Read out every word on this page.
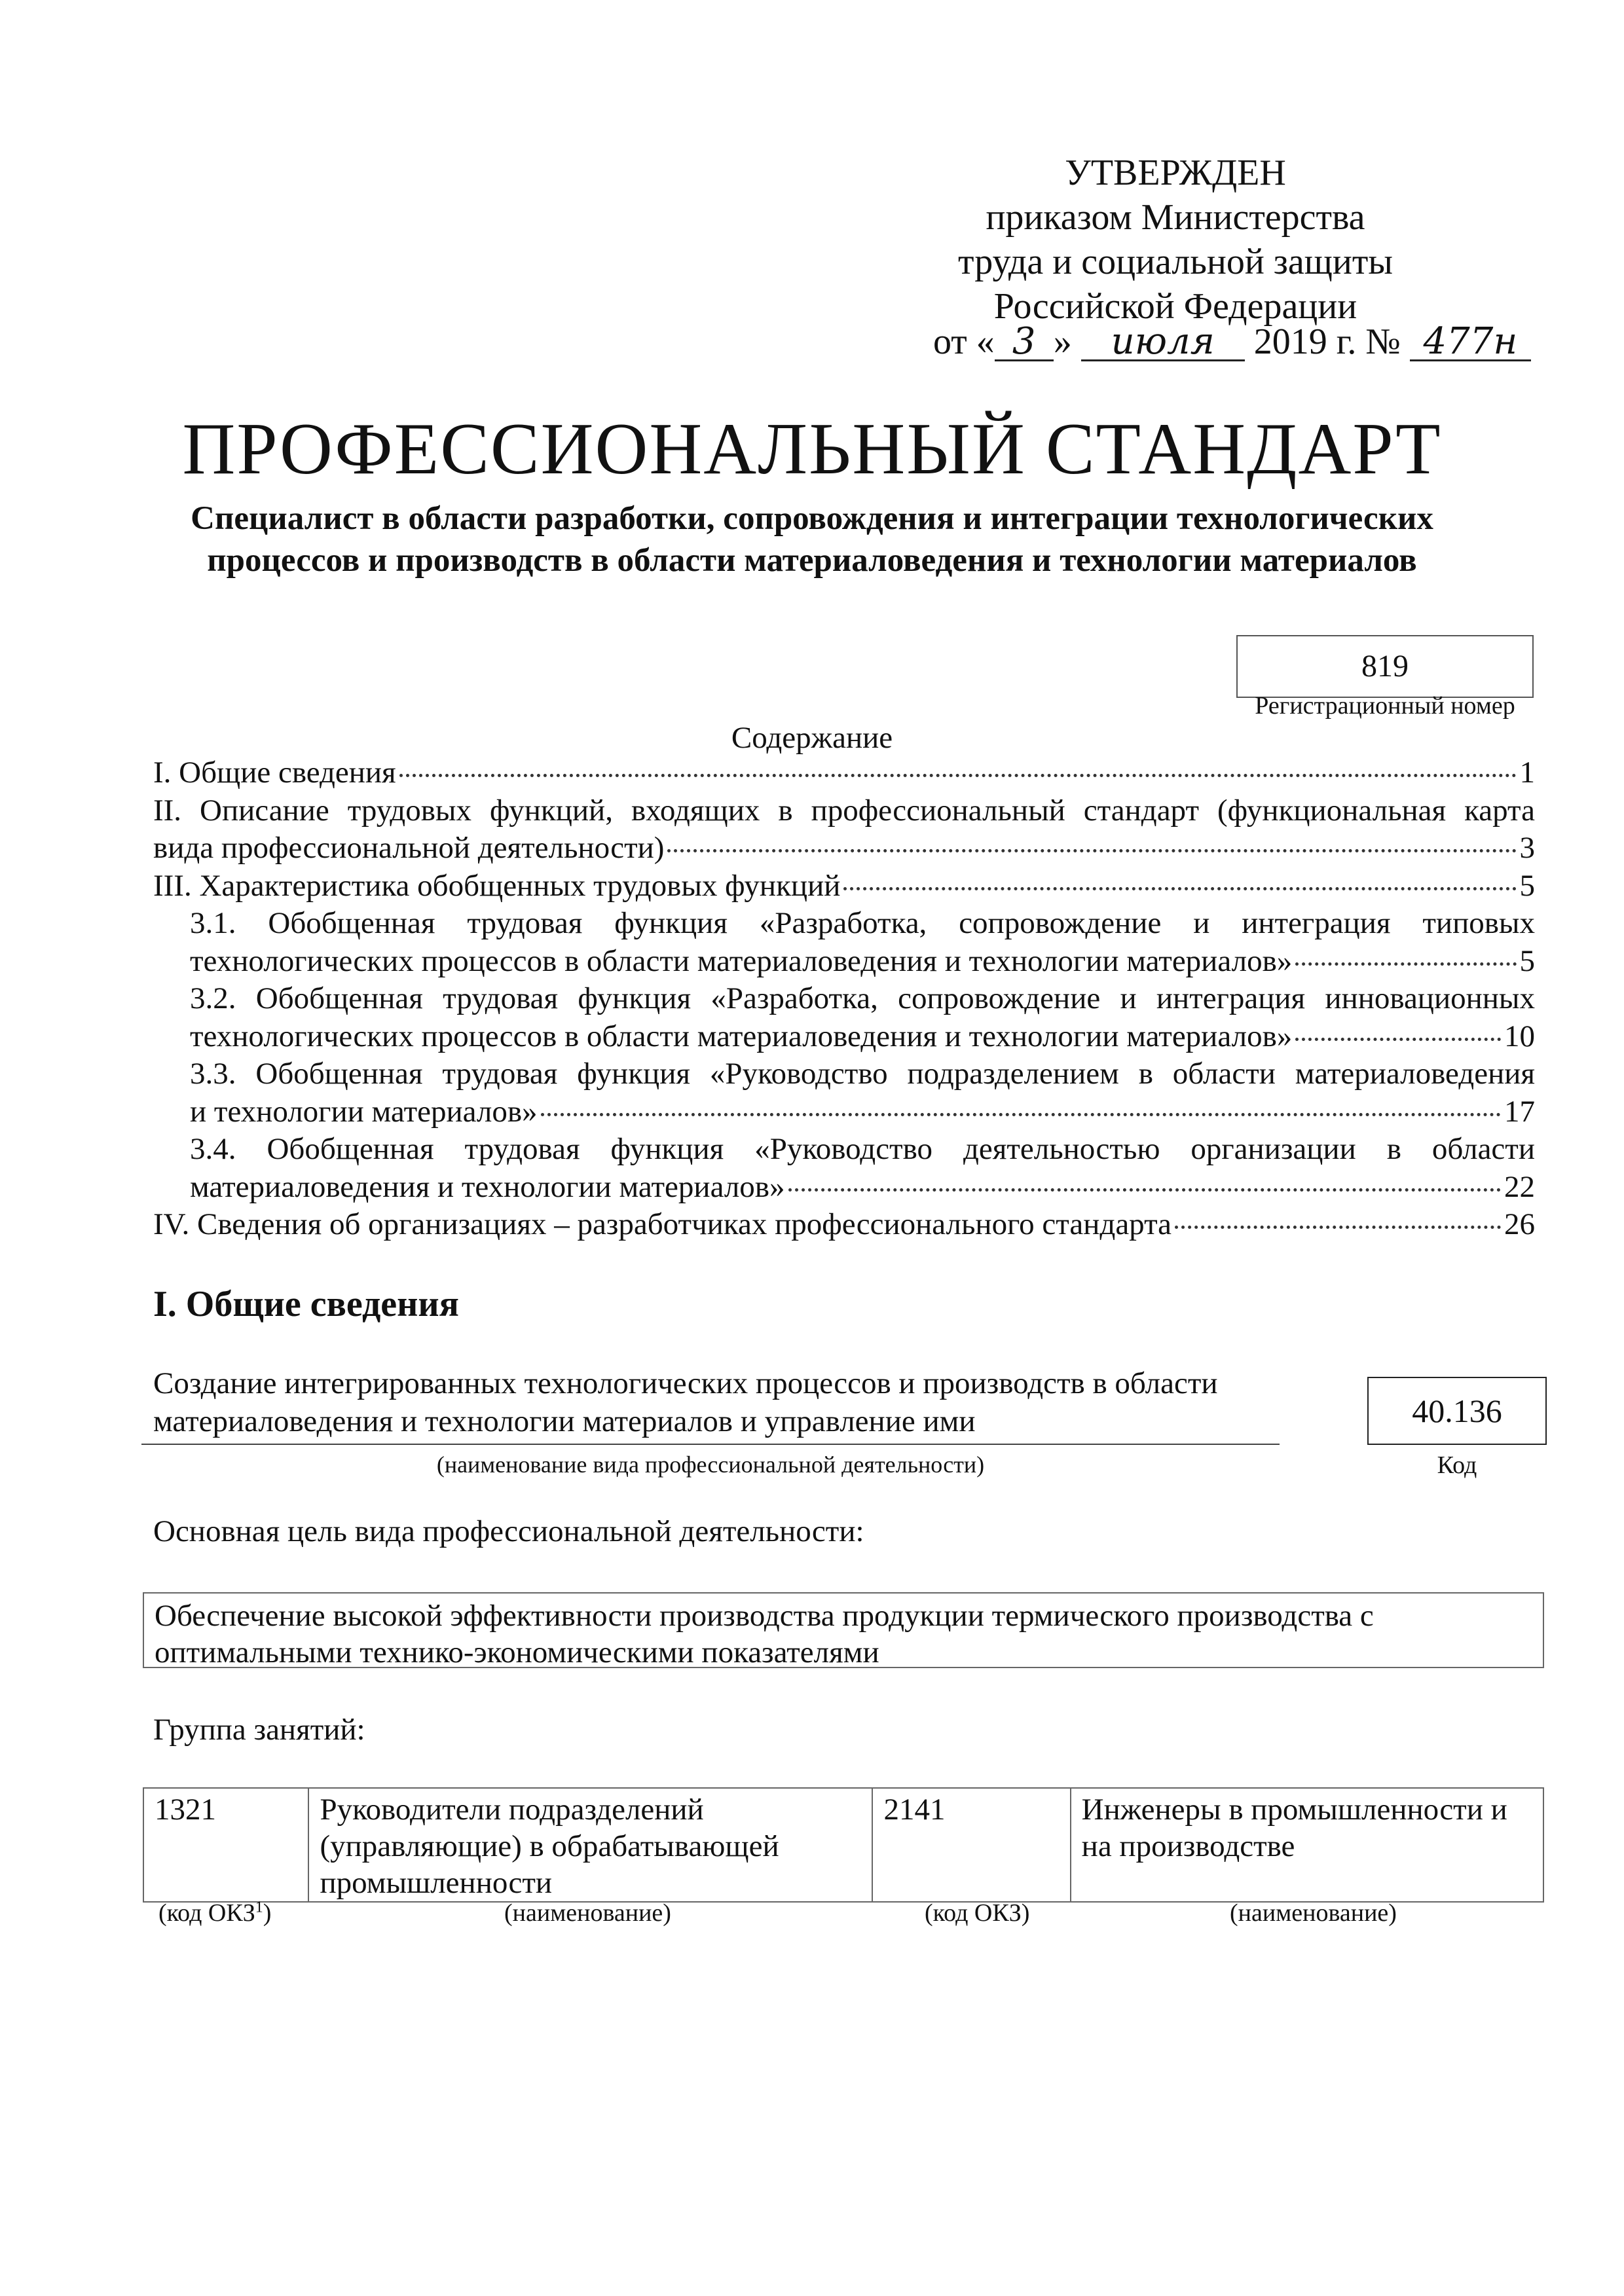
УТВЕРЖДЕН
приказом Министерства
труда и социальной защиты
Российской Федерации
от « 3 » июля 2019 г. № 477н
ПРОФЕССИОНАЛЬНЫЙ СТАНДАРТ
Специалист в области разработки, сопровождения и интеграции технологических процессов и производств в области материаловедения и технологии материалов
819
Регистрационный номер
Содержание
I. Общие сведения	1
II. Описание трудовых функций, входящих в профессиональный стандарт (функциональная карта
вида профессиональной деятельности)	3
III. Характеристика обобщенных трудовых функций	5
3.1. Обобщенная трудовая функция «Разработка, сопровождение и интеграция типовых
технологических процессов в области материаловедения и технологии материалов»	5
3.2. Обобщенная трудовая функция «Разработка, сопровождение и интеграция инновационных
технологических процессов в области материаловедения и технологии материалов»	10
3.3. Обобщенная трудовая функция «Руководство подразделением в области материаловедения
и технологии материалов»	17
3.4. Обобщенная трудовая функция «Руководство деятельностью организации в области
материаловедения и технологии материалов»	22
IV. Сведения об организациях – разработчиках профессионального стандарта	26
I. Общие сведения
Создание интегрированных технологических процессов и производств в области материаловедения и технологии материалов и управление ими
(наименование вида профессиональной деятельности)
40.136
Код
Основная цель вида профессиональной деятельности:
Обеспечение высокой эффективности производства продукции термического производства с оптимальными технико-экономическими показателями
Группа занятий:
1321	Руководители подразделений (управляющие) в обрабатывающей промышленности	2141	Инженеры в промышленности и на производстве
(код ОКЗ$^1$)	(наименование)	(код ОКЗ)	(наименование)
